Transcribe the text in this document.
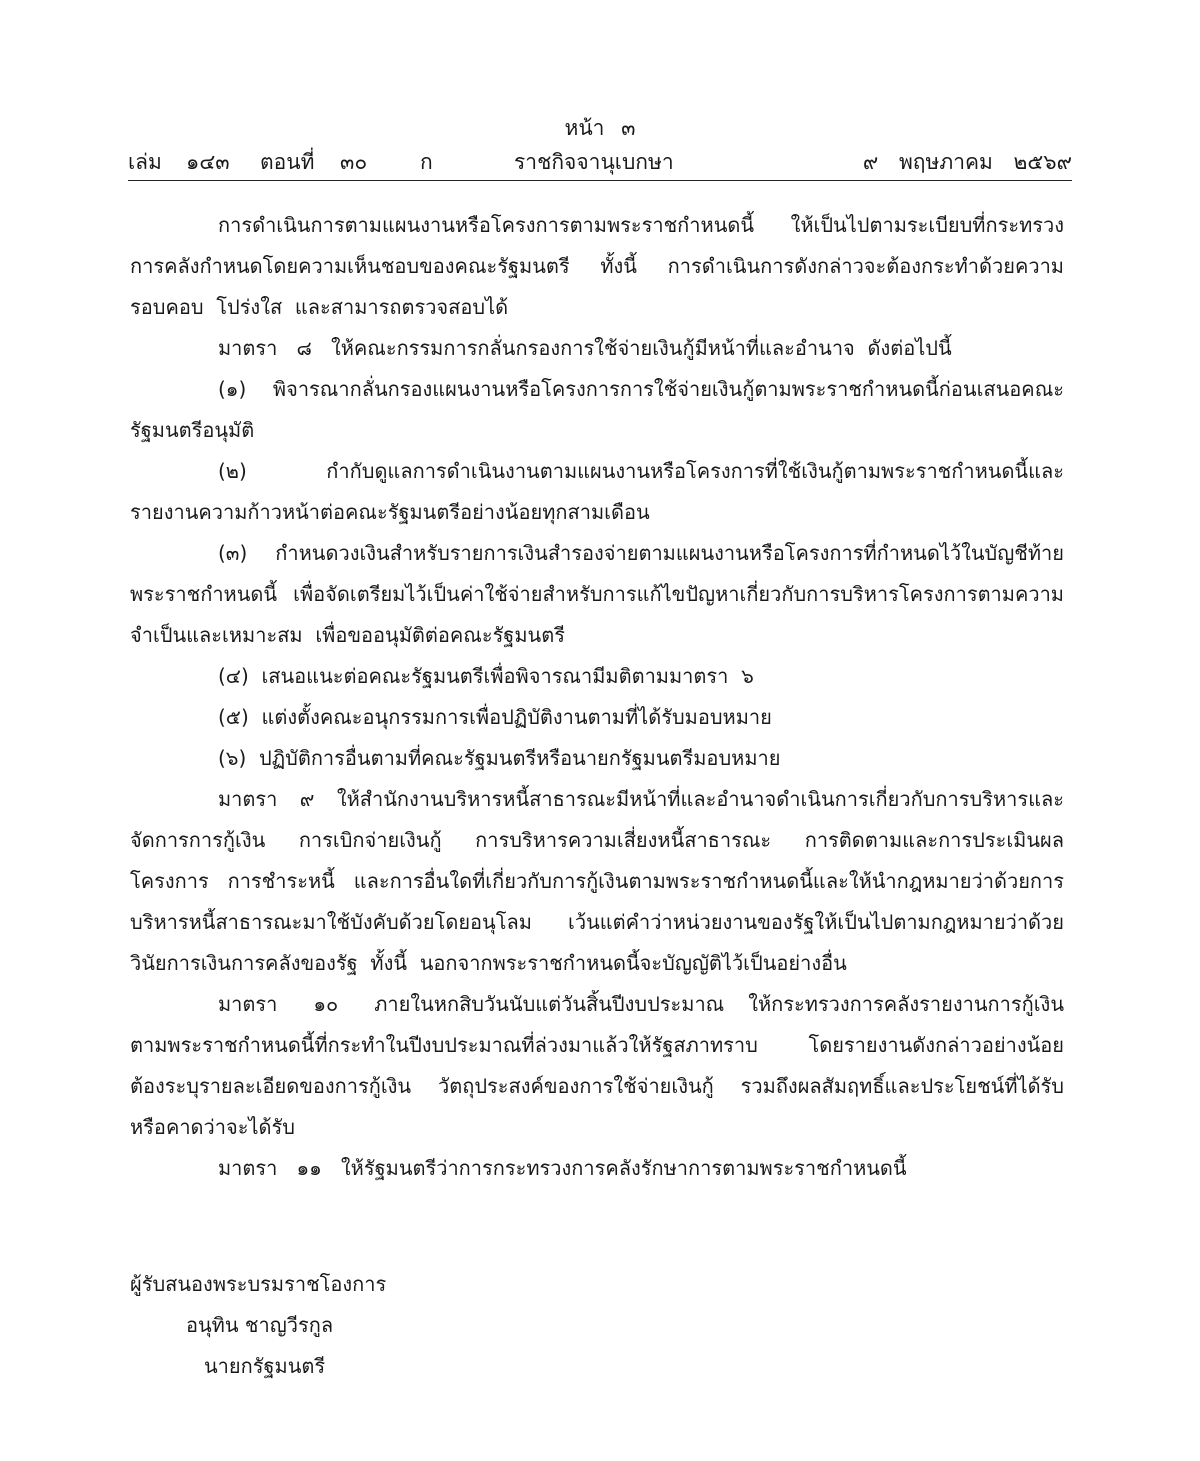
หน้า ๓
เล่ม ๑๔๓ ตอนที่ ๓๐	ก	ราชกิจจานุเบกษา	๙ พฤษภาคม ๒๕๖๙

การดำเนินการตามแผนงานหรือโครงการตามพระราชกำหนดนี้  ให้เป็นไปตามระเบียบที่กระทรวงการคลังกำหนดโดยความเห็นชอบของคณะรัฐมนตรี  ทั้งนี้  การดำเนินการดังกล่าวจะต้องกระทำด้วยความรอบคอบ  โปร่งใส  และสามารถตรวจสอบได้

มาตรา   ๘   ให้คณะกรรมการกลั่นกรองการใช้จ่ายเงินกู้มีหน้าที่และอำนาจ  ดังต่อไปนี้

(๑)  พิจารณากลั่นกรองแผนงานหรือโครงการการใช้จ่ายเงินกู้ตามพระราชกำหนดนี้ก่อนเสนอคณะรัฐมนตรีอนุมัติ

(๒)  กำกับดูแลการดำเนินงานตามแผนงานหรือโครงการที่ใช้เงินกู้ตามพระราชกำหนดนี้และรายงานความก้าวหน้าต่อคณะรัฐมนตรีอย่างน้อยทุกสามเดือน

(๓)  กำหนดวงเงินสำหรับรายการเงินสำรองจ่ายตามแผนงานหรือโครงการที่กำหนดไว้ในบัญชีท้ายพระราชกำหนดนี้  เพื่อจัดเตรียมไว้เป็นค่าใช้จ่ายสำหรับการแก้ไขปัญหาเกี่ยวกับการบริหารโครงการตามความจำเป็นและเหมาะสม  เพื่อขออนุมัติต่อคณะรัฐมนตรี

(๔)  เสนอแนะต่อคณะรัฐมนตรีเพื่อพิจารณามีมติตามมาตรา  ๖

(๕)  แต่งตั้งคณะอนุกรรมการเพื่อปฏิบัติงานตามที่ได้รับมอบหมาย

(๖)  ปฏิบัติการอื่นตามที่คณะรัฐมนตรีหรือนายกรัฐมนตรีมอบหมาย

มาตรา   ๙   ให้สำนักงานบริหารหนี้สาธารณะมีหน้าที่และอำนาจดำเนินการเกี่ยวกับการบริหารและจัดการการกู้เงิน  การเบิกจ่ายเงินกู้  การบริหารความเสี่ยงหนี้สาธารณะ  การติดตามและการประเมินผลโครงการ  การชำระหนี้  และการอื่นใดที่เกี่ยวกับการกู้เงินตามพระราชกำหนดนี้และให้นำกฎหมายว่าด้วยการบริหารหนี้สาธารณะมาใช้บังคับด้วยโดยอนุโลม  เว้นแต่คำว่าหน่วยงานของรัฐให้เป็นไปตามกฎหมายว่าด้วยวินัยการเงินการคลังของรัฐ  ทั้งนี้  นอกจากพระราชกำหนดนี้จะบัญญัติไว้เป็นอย่างอื่น

มาตรา   ๑๐   ภายในหกสิบวันนับแต่วันสิ้นปีงบประมาณ  ให้กระทรวงการคลังรายงานการกู้เงินตามพระราชกำหนดนี้ที่กระทำในปีงบประมาณที่ล่วงมาแล้วให้รัฐสภาทราบ   โดยรายงานดังกล่าวอย่างน้อยต้องระบุรายละเอียดของการกู้เงิน  วัตถุประสงค์ของการใช้จ่ายเงินกู้  รวมถึงผลสัมฤทธิ์และประโยชน์ที่ได้รับหรือคาดว่าจะได้รับ

มาตรา   ๑๑   ให้รัฐมนตรีว่าการกระทรวงการคลังรักษาการตามพระราชกำหนดนี้

ผู้รับสนองพระบรมราชโองการ
อนุทิน ชาญวีรกูล
นายกรัฐมนตรี
